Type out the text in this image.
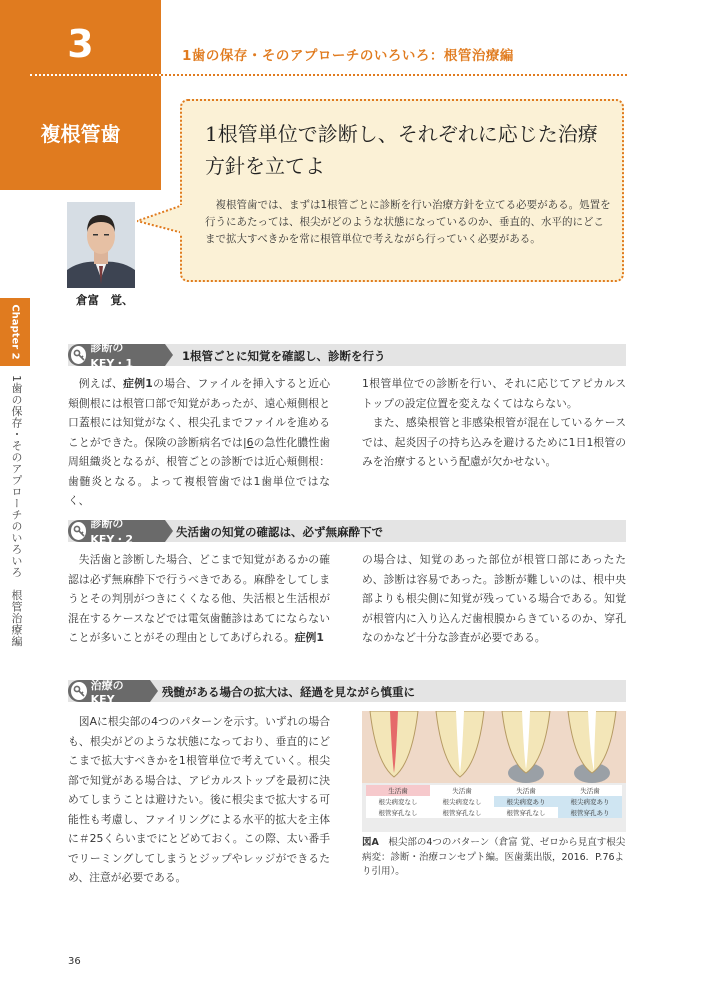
3
複根管歯
1歯の保存・そのアプローチのいろいろ：根管治療編
1根管単位で診断し、それぞれに応じた治療
方針を立てよ
複根管歯では、まずは1根管ごとに診断を行い治療方針を立てる必要がある。処置を行うにあたっては、根尖がどのような状態になっているのか、垂直的、水平的にどこまで拡大すべきかを常に根管単位で考えながら行っていく必要がある。
倉富　覚、
Chapter 2
1歯の保存・そのアプローチのいろいろ　根管治療編
診断のKEY・1
1根管ごとに知覚を確認し、診断を行う
例えば、症例1の場合、ファイルを挿入すると近心頬側根には根管口部で知覚があったが、遠心頬側根と口蓋根には知覚がなく、根尖孔までファイルを進めることができた。保険の診断病名では|6の急性化膿性歯周組織炎となるが、根管ごとの診断では近心頬側根：歯髄炎となる。よって複根管歯では1歯単位ではなく、
1根管単位での診断を行い、それに応じてアピカルストップの設定位置を変えなくてはならない。
また、感染根管と非感染根管が混在しているケースでは、起炎因子の持ち込みを避けるために1日1根管のみを治療するという配慮が欠かせない。
診断のKEY・2
失活歯の知覚の確認は、必ず無麻酔下で
失活歯と診断した場合、どこまで知覚があるかの確認は必ず無麻酔下で行うべきである。麻酔をしてしまうとその判別がつきにくくなる他、失活根と生活根が混在するケースなどでは電気歯髄診はあてにならないことが多いことがその理由としてあげられる。症例1
の場合は、知覚のあった部位が根管口部にあったため、診断は容易であった。診断が難しいのは、根中央部よりも根尖側に知覚が残っている場合である。知覚が根管内に入り込んだ歯根膜からきているのか、穿孔なのかなど十分な診査が必要である。
治療のKEY	残髄がある場合の拡大は、経過を見ながら慎重に
図Aに根尖部の4つのパターンを示す。いずれの場合も、根尖がどのような状態になっており、垂直的にどこまで拡大すべきかを1根管単位で考えていく。根尖部で知覚がある場合は、アピカルストップを最初に決めてしまうことは避けたい。後に根尖まで拡大する可能性も考慮し、ファイリングによる水平的拡大を主体に＃25くらいまでにとどめておく。この際、太い番手でリーミングしてしまうとジップやレッジができるため、注意が必要である。
生活歯	失活歯	失活歯	失活歯
根尖病変なし	根尖病変なし	根尖病変あり	根尖病変あり
根管穿孔なし	根管穿孔なし	根管穿孔なし	根管穿孔あり
図A　 根尖部の4つのパターン（倉富 覚、ゼロから見直す根尖病変：診断・治療コンセプト編。医歯薬出版，2016．P.76より引用）。
36
